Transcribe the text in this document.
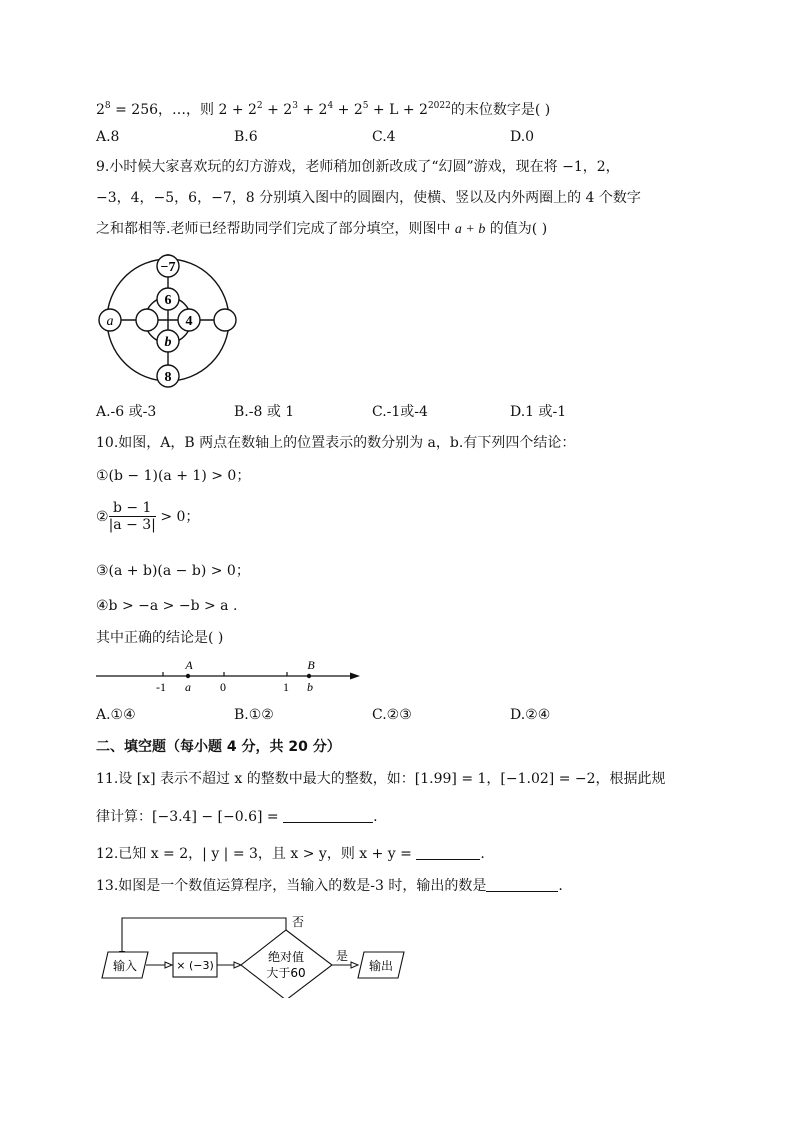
$2^8 = 256$，…，则 $2 + 2^2 + 2^3 + 2^4 + 2^5 + L + 2^{2022}$的末位数字是( )
A.8	B.6	C.4	D.0
9.小时候大家喜欢玩的幻方游戏，老师稍加创新改成了“幻圆”游戏，现在将 −1，2，
−3，4，−5，6，−7，8 分别填入图中的圆圈内，使横、竖以及内外两圈上的 4 个数字
之和都相等.老师已经帮助同学们完成了部分填空，则图中 a + b 的值为( )
−7
6
4
b
8
a
A.-6 或-3	B.-8 或 1	C.-1或-4	D.1 或-1
10.如图，A，B 两点在数轴上的位置表示的数分别为 a，b.有下列四个结论：
①(b − 1)(a + 1) > 0；
② $\frac{b - 1}{|a - 3|} > 0$；
③(a + b)(a − b) > 0；
④b > −a > −b > a .
其中正确的结论是( )
A	B
-1	0	1
a	b
A.①④	B.①②	C.②③	D.②④
二、填空题（每小题 4 分，共 20 分）
11.设 [x] 表示不超过 x 的整数中最大的整数，如：[1.99] = 1，[−1.02] = −2，根据此规
律计算：[−3.4] − [−0.6] =	.
12.已知 x = 2，| y | = 3，且 x > y，则 x + y =	.
13.如图是一个数值运算程序，当输入的数是-3 时，输出的数是	.
否
输入	× (−3)
绝对值
大于60
是
输出
